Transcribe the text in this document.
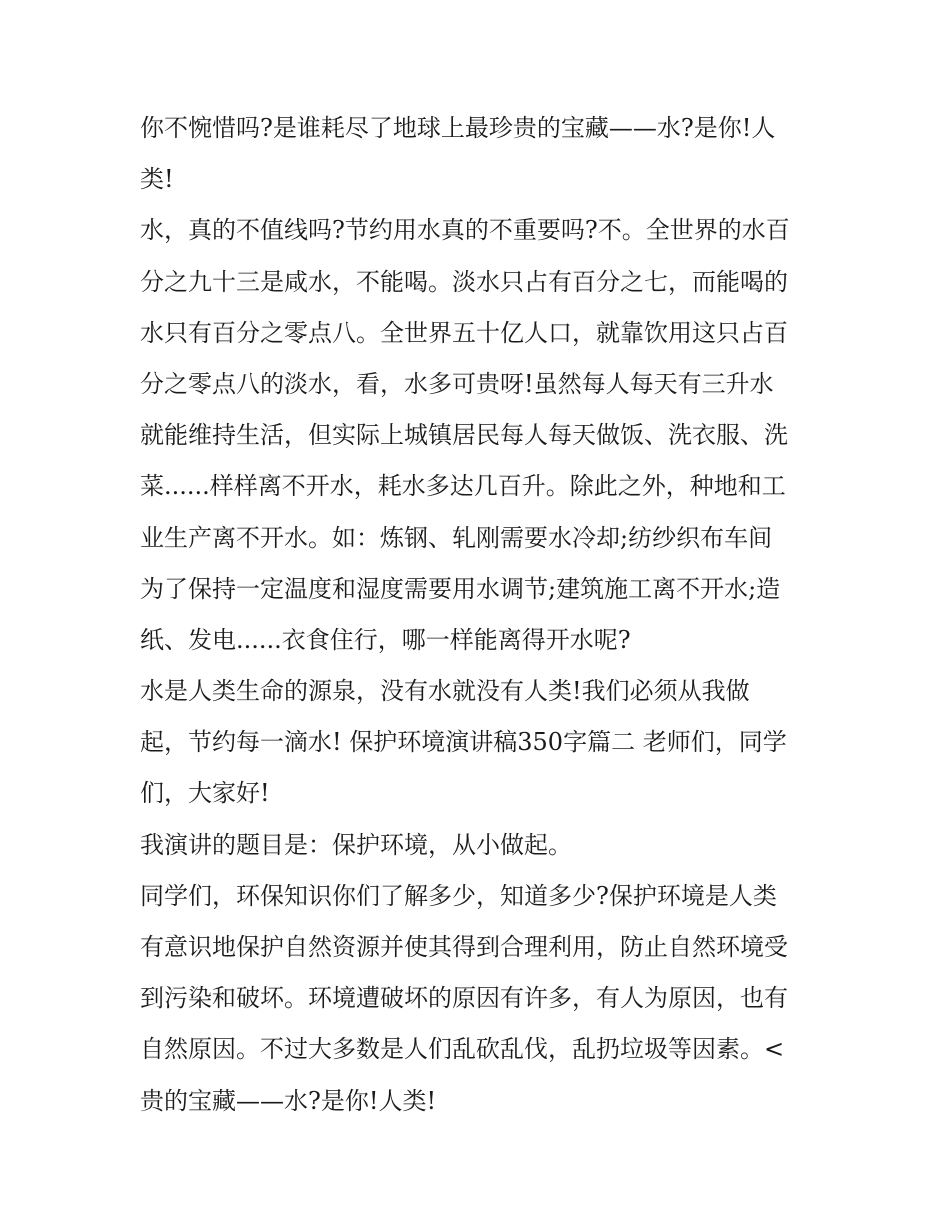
你不惋惜吗?是谁耗尽了地球上最珍贵的宝藏——水?是你!人
类!
水，真的不值线吗?节约用水真的不重要吗?不。全世界的水百
分之九十三是咸水，不能喝。淡水只占有百分之七，而能喝的
水只有百分之零点八。全世界五十亿人口，就靠饮用这只占百
分之零点八的淡水，看，水多可贵呀!虽然每人每天有三升水
就能维持生活，但实际上城镇居民每人每天做饭、洗衣服、洗
菜......样样离不开水，耗水多达几百升。除此之外，种地和工
业生产离不开水。如：炼钢、轧刚需要水冷却;纺纱织布车间
为了保持一定温度和湿度需要用水调节;建筑施工离不开水;造
纸、发电......衣食住行，哪一样能离得开水呢?
水是人类生命的源泉，没有水就没有人类!我们必须从我做
起，节约每一滴水! 保护环境演讲稿350字篇二 老师们，同学
们，大家好!
我演讲的题目是：保护环境，从小做起。
同学们，环保知识你们了解多少，知道多少?保护环境是人类
有意识地保护自然资源并使其得到合理利用，防止自然环境受
到污染和破坏。环境遭破坏的原因有许多，有人为原因，也有
自然原因。不过大多数是人们乱砍乱伐，乱扔垃圾等因素。<
贵的宝藏——水?是你!人类!
